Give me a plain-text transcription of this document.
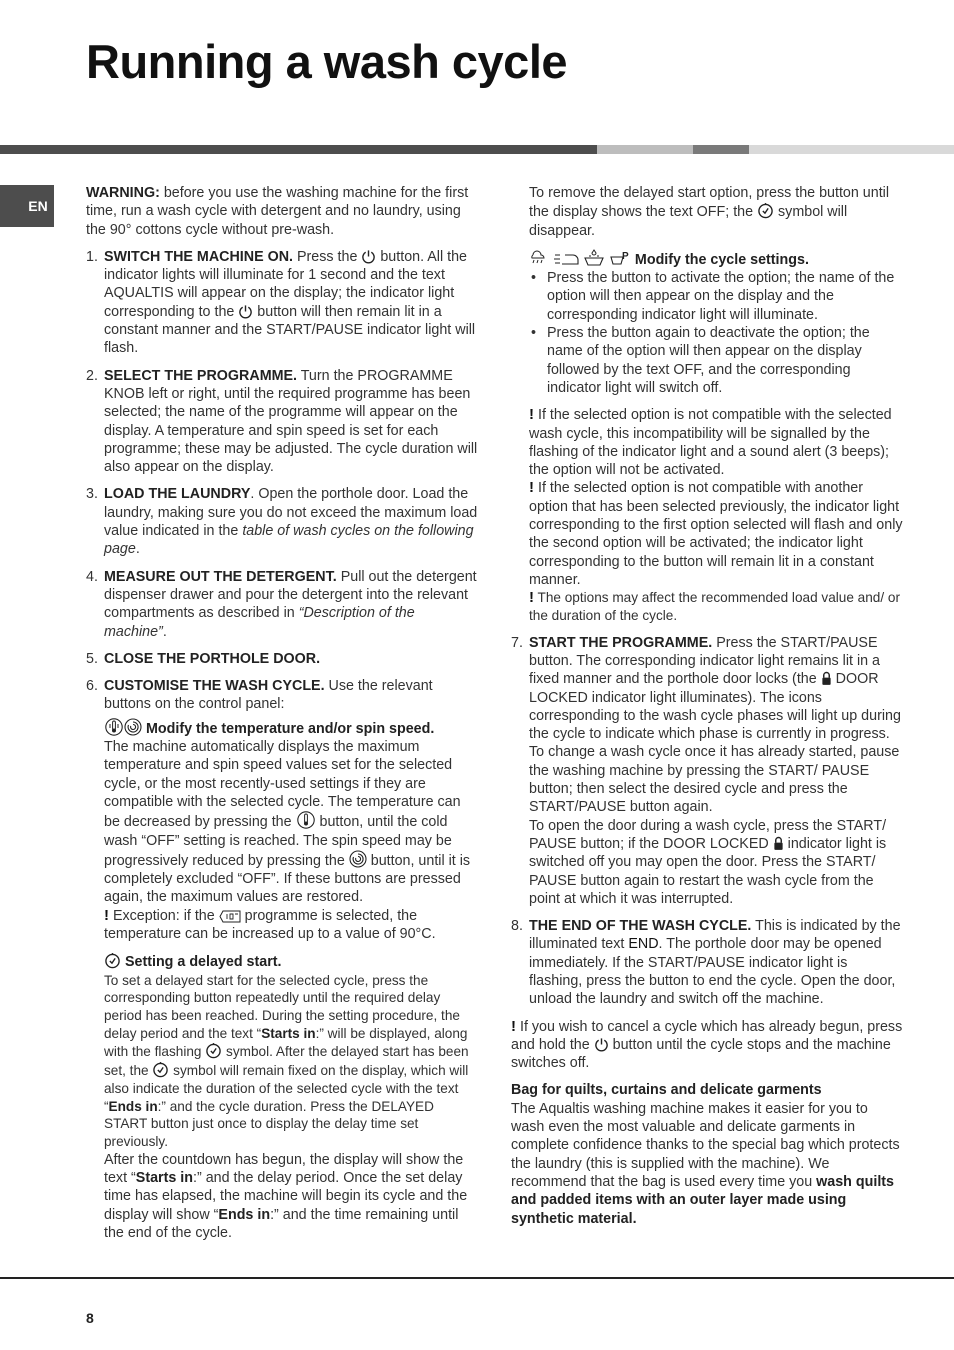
Running a wash cycle
EN

WARNING: before you use the washing machine for the first time, run a wash cycle with detergent and no laundry, using the 90° cottons cycle without pre-wash.

1. SWITCH THE MACHINE ON. Press the
button. All the indicator lights will illuminate for 1 second and the text AQUALTIS will appear on the display; the indicator light corresponding to the
button will then remain lit in a constant manner and the START/PAUSE indicator light will flash.
2. SELECT THE PROGRAMME. Turn the PROGRAMME KNOB left or right, until the required programme has been selected; the name of the programme will appear on the display. A temperature and spin speed is set for each programme; these may be adjusted. The cycle duration will also appear on the display.
3. LOAD THE LAUNDRY. Open the porthole door. Load the laundry, making sure you do not exceed the maximum load value indicated in the table of wash cycles on the following page.
4. MEASURE OUT THE DETERGENT. Pull out the detergent dispenser drawer and pour the detergent into the relevant compartments as described in “Description of the machine”.
5. CLOSE THE PORTHOLE DOOR.
6. CUSTOMISE THE WASH CYCLE. Use the relevant buttons on the control panel:

Modify the temperature and/or spin speed.

The machine automatically displays the maximum temperature and spin speed values set for the selected cycle, or the most recently-used settings if they are compatible with the selected cycle. The temperature can be decreased by pressing the
button, until the cold wash “OFF” setting is reached. The spin speed may be progressively reduced by pressing the
button, until it is completely excluded “OFF”. If these buttons are pressed again, the maximum values are restored.

! Exception: if the
programme is selected, the temperature can be increased up to a value of 90°C.

Setting a delayed start.

To set a delayed start for the selected cycle, press the corresponding button repeatedly until the required delay period has been reached. During the setting procedure, the delay period and the text “Starts in:” will be displayed, along with the flashing
symbol. After the delayed start has been set, the
symbol will remain fixed on the display, which will also indicate the duration of the selected cycle with the text “Ends in:” and the cycle duration. Press the DELAYED START button just once to display the delay time set previously.

After the countdown has begun, the display will show the text “Starts in:” and the delay period. Once the set delay time has elapsed, the machine will begin its cycle and the display will show “Ends in:” and the time remaining until the end of the cycle.

To remove the delayed start option, press the button until the display shows the text OFF; the
symbol will disappear.

P Modify the cycle settings.

• Press the button to activate the option; the name of the option will then appear on the display and the corresponding indicator light will illuminate.
• Press the button again to deactivate the option; the name of the option will then appear on the display followed by the text OFF, and the corresponding indicator light will switch off.

! If the selected option is not compatible with the selected wash cycle, this incompatibility will be signalled by the flashing of the indicator light and a sound alert (3 beeps); the option will not be activated.

! If the selected option is not compatible with another option that has been selected previously, the indicator light corresponding to the first option selected will flash and only the second option will be activated; the indicator light corresponding to the button will remain lit in a constant manner.

! The options may affect the recommended load value and/ or the duration of the cycle.

7. START THE PROGRAMME. Press the START/PAUSE button. The corresponding indicator light remains lit in a fixed manner and the porthole door locks (the
DOOR LOCKED indicator light illuminates). The icons corresponding to the wash cycle phases will light up during the cycle to indicate which phase is currently in progress.

To change a wash cycle once it has already started, pause the washing machine by pressing the START/ PAUSE button; then select the desired cycle and press the START/PAUSE button again.

To open the door during a wash cycle, press the START/ PAUSE button; if the DOOR LOCKED
indicator light is switched off you may open the door. Press the START/ PAUSE button again to restart the wash cycle from the point at which it was interrupted.

8. THE END OF THE WASH CYCLE. This is indicated by the illuminated text END. The porthole door may be opened immediately. If the START/PAUSE indicator light is flashing, press the button to end the cycle. Open the door, unload the laundry and switch off the machine.

! If you wish to cancel a cycle which has already begun, press and hold the
button until the cycle stops and the machine switches off.

Bag for quilts, curtains and delicate garments

The Aqualtis washing machine makes it easier for you to wash even the most valuable and delicate garments in complete confidence thanks to the special bag which protects the laundry (this is supplied with the machine). We recommend that the bag is used every time you wash quilts and padded items with an outer layer made using synthetic material.

8
